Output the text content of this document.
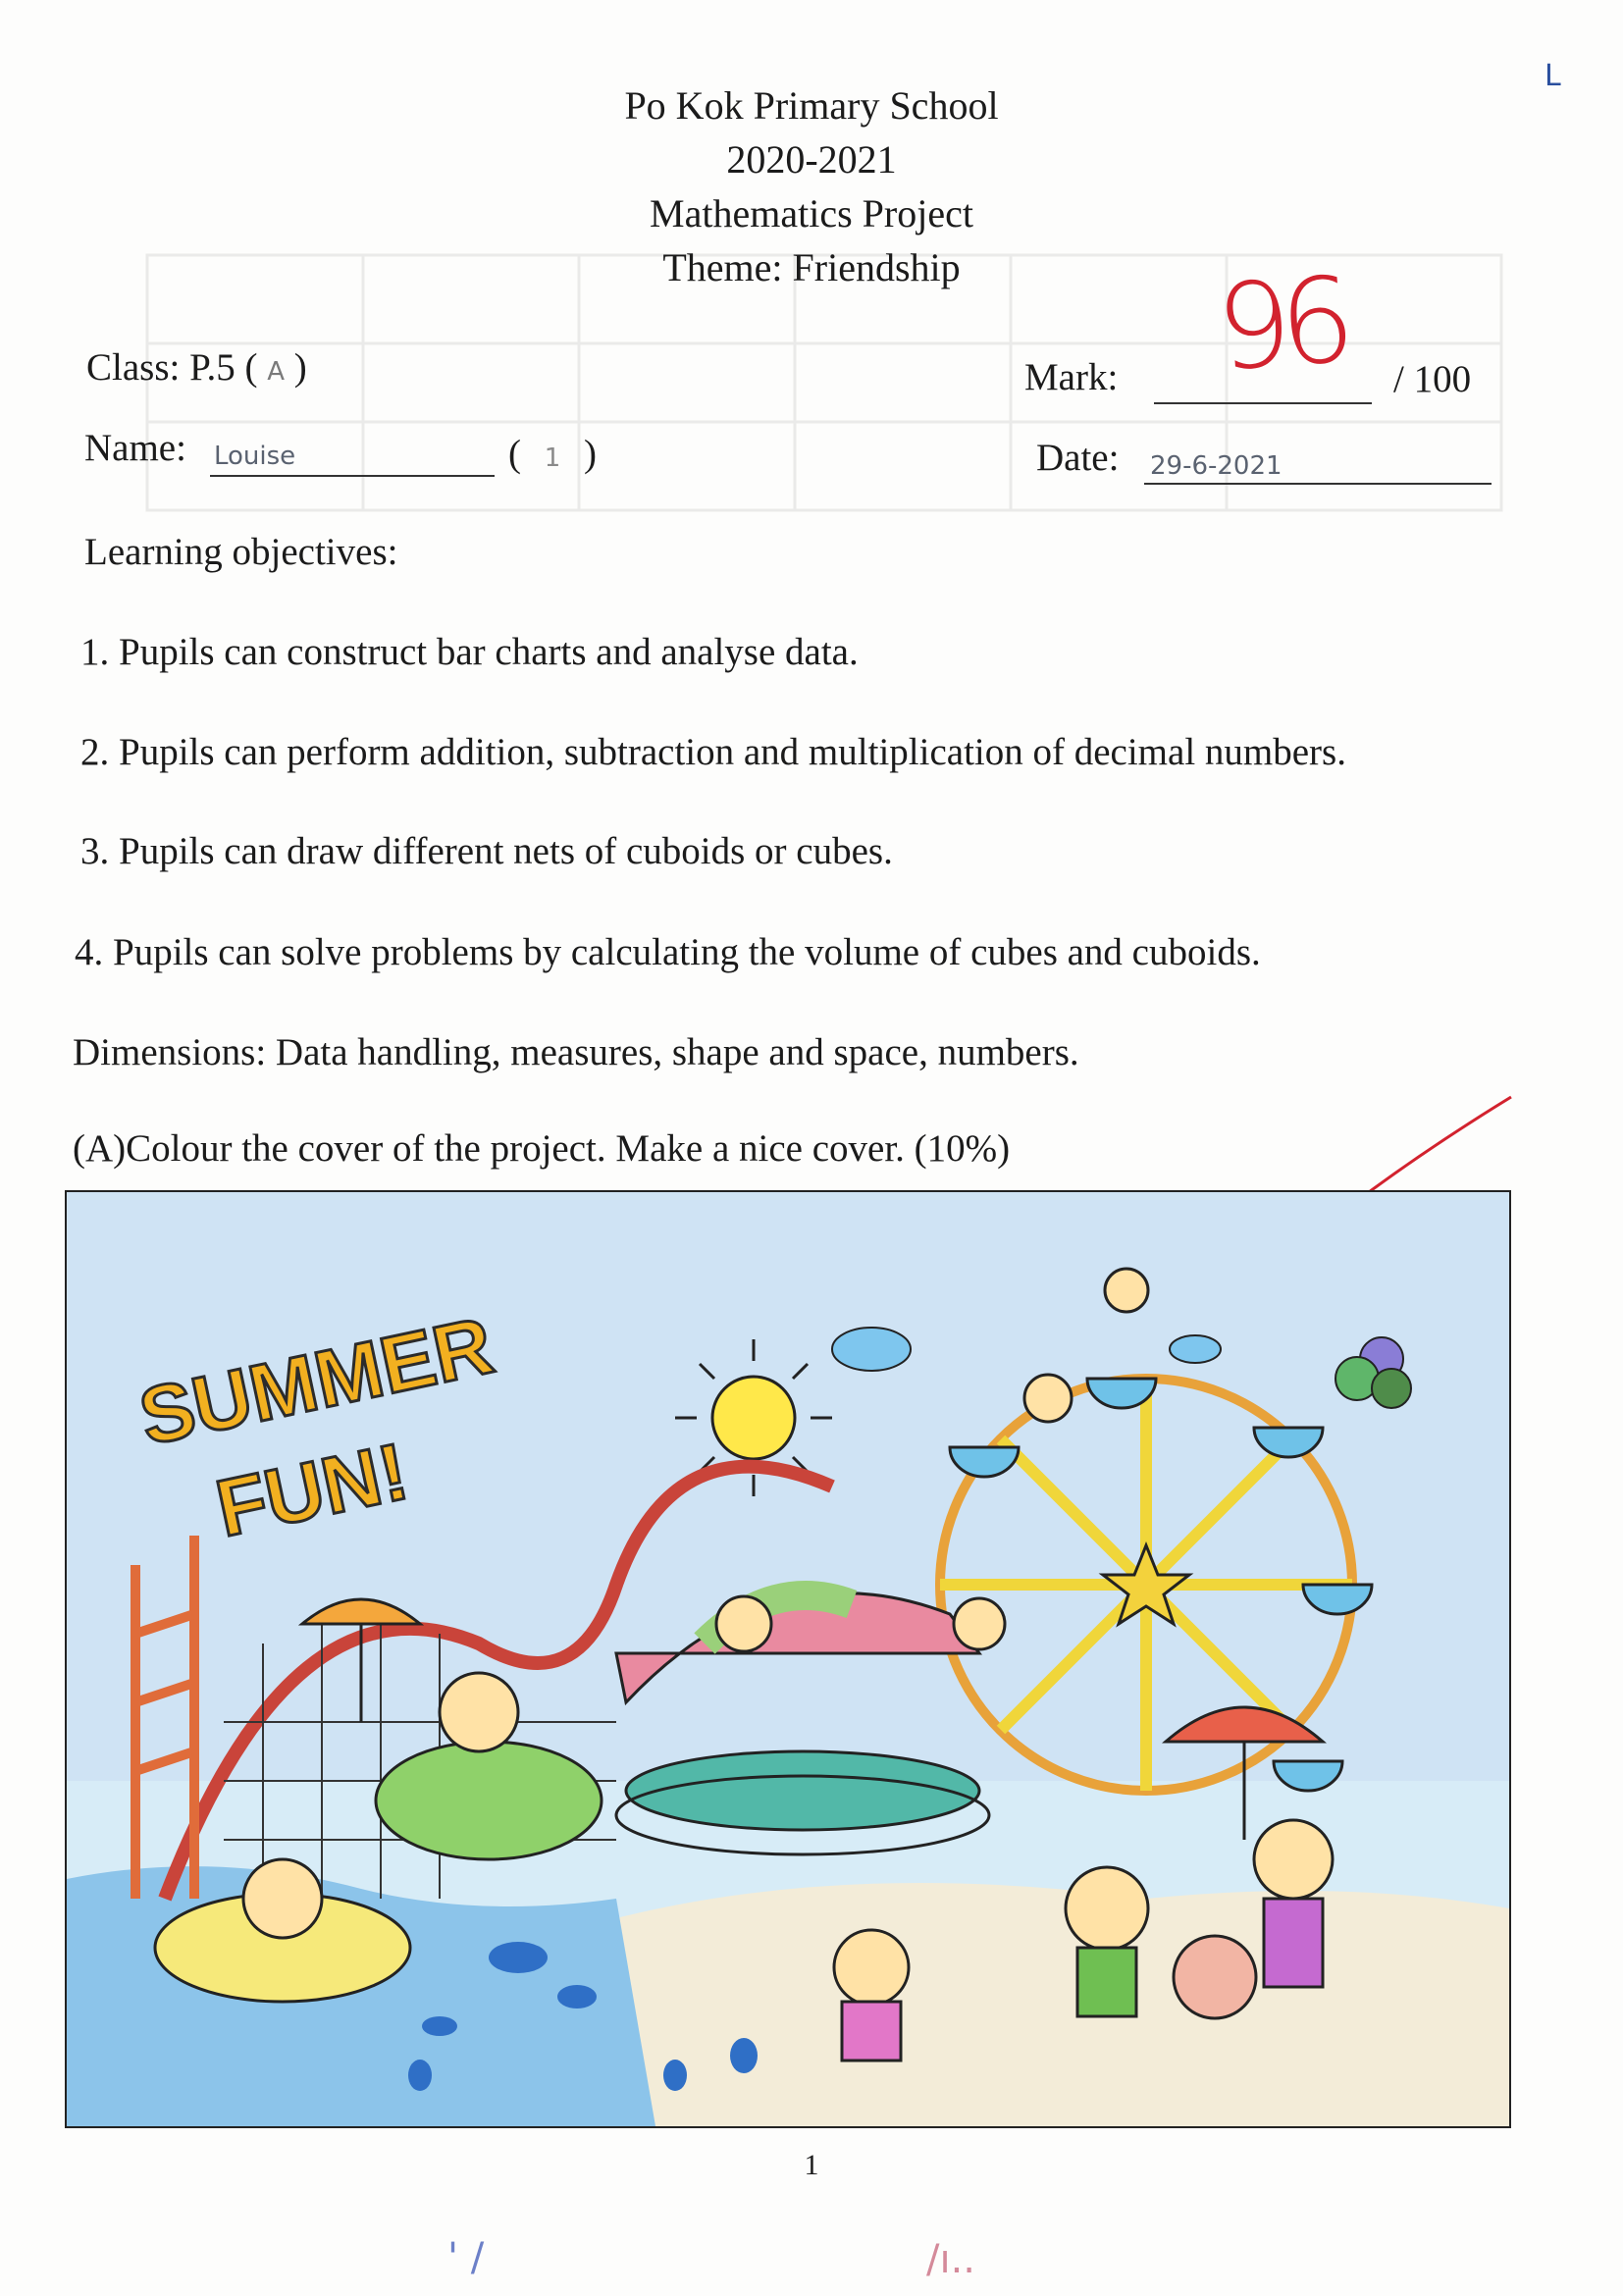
Po Kok Primary School
2020-2021
Mathematics Project
Theme: Friendship
L
Class: P.5 ( A )	Mark: 96 / 100
Name: Louise	( 1 )	Date: 29-6-2021
Learning objectives:
1. Pupils can construct bar charts and analyse data.
2. Pupils can perform addition, subtraction and multiplication of decimal numbers.
3. Pupils can draw different nets of cuboids or cubes.
4. Pupils can solve problems by calculating the volume of cubes and cuboids.
Dimensions: Data handling, measures, shape and space, numbers.
(A)Colour the cover of the project. Make a nice cover. (10%)
SUMMER
FUN!
1
' /	/ı..
